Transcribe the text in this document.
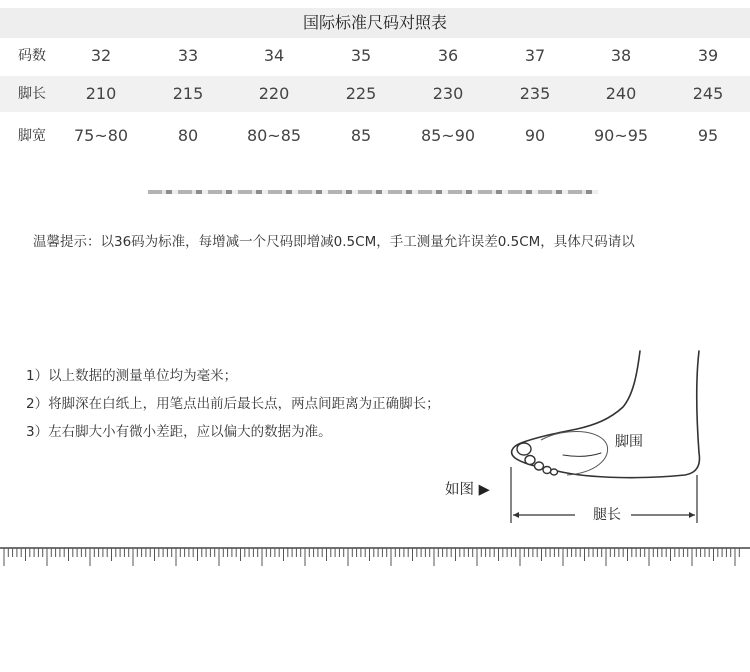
国际标准尺码对照表
码数	32	33	34	35	36	37	38	39
脚长	210	215	220	225	230	235	240	245
脚宽	75~80	80	80~85	85	85~90	90	90~95	95
温馨提示：以36码为标准，每增减一个尺码即增减0.5CM，手工测量允许误差0.5CM，具体尺码请以
1）以上数据的测量单位均为毫米；
2）将脚深在白纸上，用笔点出前后最长点，两点间距离为正确脚长；
3）左右脚大小有微小差距，应以偏大的数据为准。
如图 ▶
脚围
腿长
